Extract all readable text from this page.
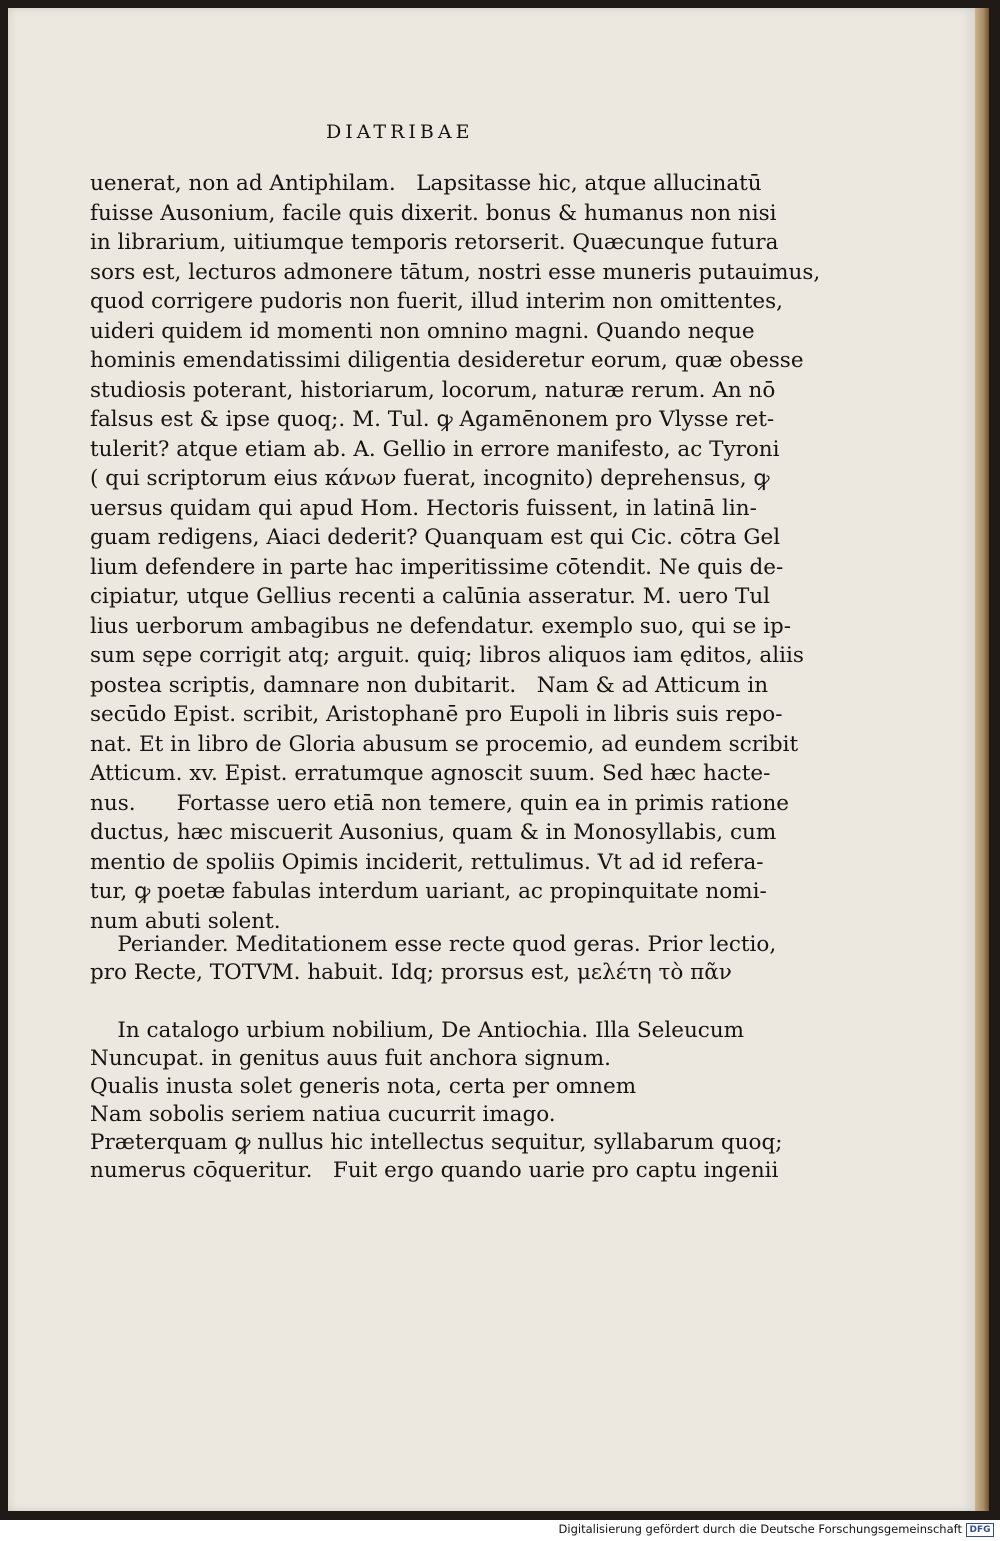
DIATRIBAE
uenerat, non ad Antiphilam.   Lapsitasse hic, atque allucinatū
fuisse Ausonium, facile quis dixerit. bonus & humanus non nisi
in librarium, uitiumque temporis retorserit. Quæcunque futura
sors est, lecturos admonere tātum, nostri esse muneris putauimus,
quod corrigere pudoris non fuerit, illud interim non omittentes,
uideri quidem id momenti non omnino magni. Quando neque
hominis emendatissimi diligentia desideretur eorum, quæ obesse
studiosis poterant, historiarum, locorum, naturæ rerum. An nō
falsus est & ipse quoq;. M. Tul. ꝙ Agamēnonem pro Vlysse ret-
tulerit? atque etiam ab. A. Gellio in errore manifesto, ac Tyroni
( qui scriptorum eius κάνων fuerat, incognito) deprehensus, ꝙ
uersus quidam qui apud Hom. Hectoris fuissent, in latinā lin-
guam redigens, Aiaci dederit? Quanquam est qui Cic. cōtra Gel
lium defendere in parte hac imperitissime cōtendit. Ne quis de-
cipiatur, utque Gellius recenti a calūnia asseratur. M. uero Tul
lius uerborum ambagibus ne defendatur. exemplo suo, qui se ip-
sum sępe corrigit atq; arguit. quiq; libros aliquos iam ęditos, aliis
postea scriptis, damnare non dubitarit.   Nam & ad Atticum in
secūdo Epist. scribit, Aristophanē pro Eupoli in libris suis repo-
nat. Et in libro de Gloria abusum se procemio, ad eundem scribit
Atticum. xv. Epist. erratumque agnoscit suum. Sed hæc hacte-
nus.      Fortasse uero etiā non temere, quin ea in primis ratione
ductus, hæc miscuerit Ausonius, quam & in Monosyllabis, cum
mentio de spoliis Opimis inciderit, rettulimus. Vt ad id refera-
tur, ꝙ poetæ fabulas interdum uariant, ac propinquitate nomi-
num abuti solent.
Periander. Meditationem esse recte quod geras. Prior lectio,
pro Recte, TOTVM. habuit. Idq; prorsus est, μελέτη τὸ πᾶν
In catalogo urbium nobilium, De Antiochia. Illa Seleucum
Nuncupat. in genitus auus fuit anchora signum.
Qualis inusta solet generis nota, certa per omnem
Nam sobolis seriem natiua cucurrit imago.
Præterquam ꝙ nullus hic intellectus sequitur, syllabarum quoq;
numerus cōqueritur.   Fuit ergo quando uarie pro captu ingenii
Digitalisierung gefördert durch die Deutsche Forschungsgemeinschaft DFG
